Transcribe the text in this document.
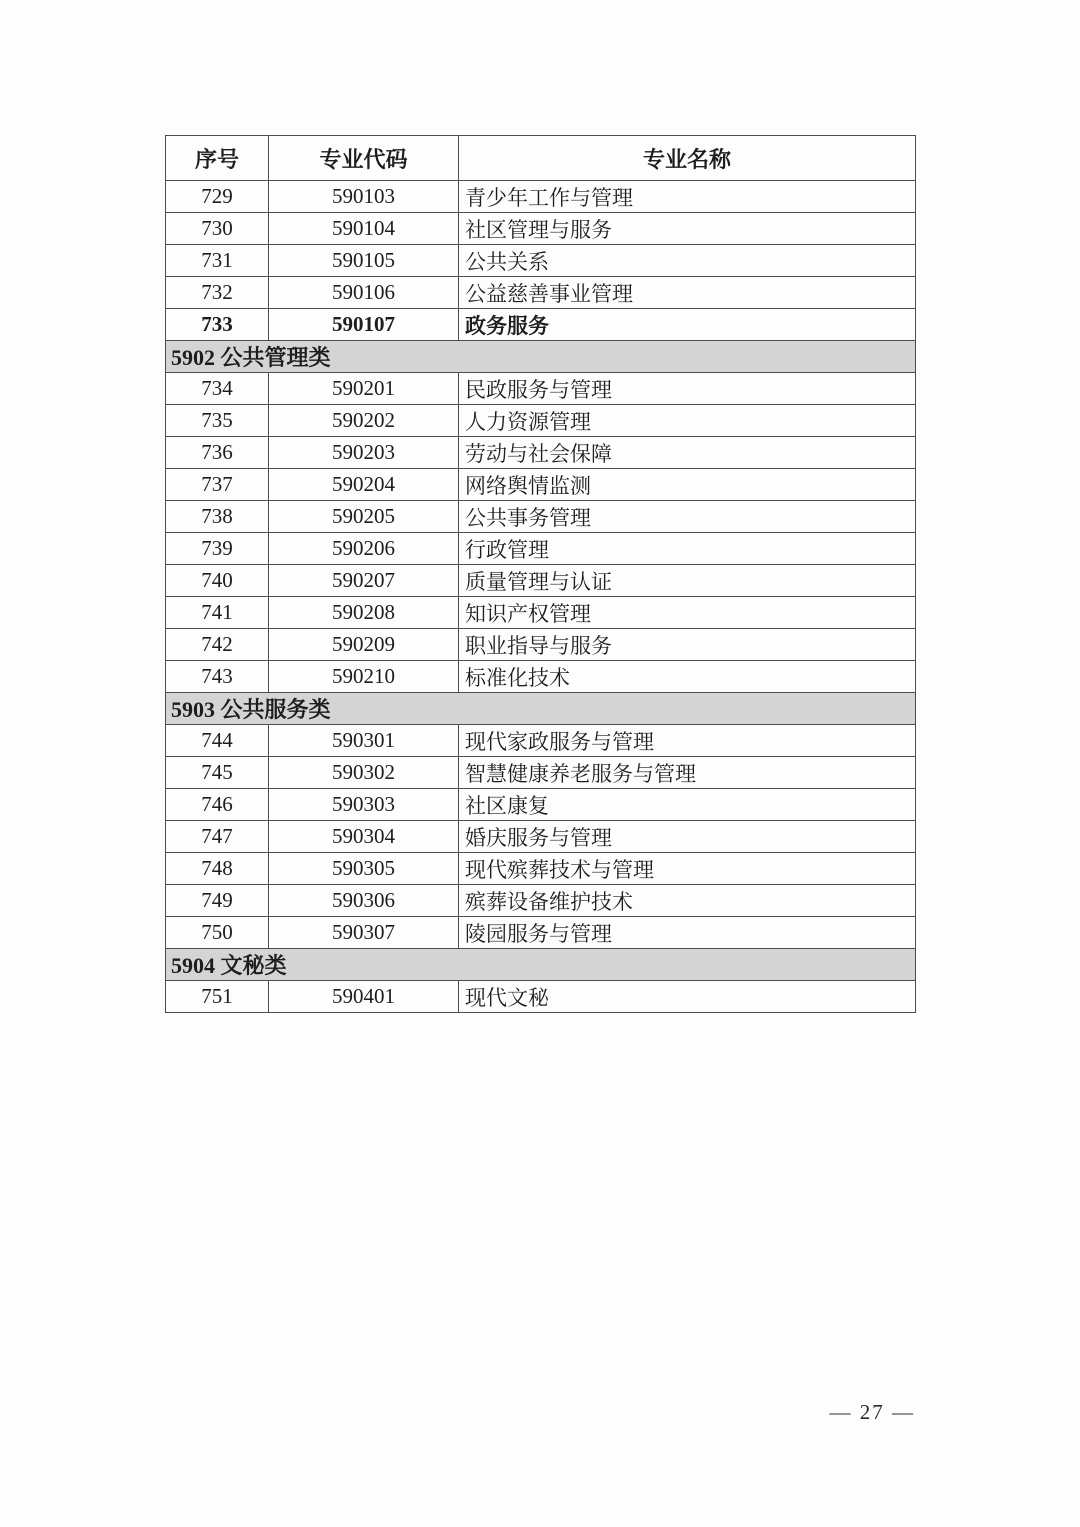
序号	专业代码	专业名称
729	590103	青少年工作与管理
730	590104	社区管理与服务
731	590105	公共关系
732	590106	公益慈善事业管理
733	590107	政务服务
5902 公共管理类		
734	590201	民政服务与管理
735	590202	人力资源管理
736	590203	劳动与社会保障
737	590204	网络舆情监测
738	590205	公共事务管理
739	590206	行政管理
740	590207	质量管理与认证
741	590208	知识产权管理
742	590209	职业指导与服务
743	590210	标准化技术
5903 公共服务类		
744	590301	现代家政服务与管理
745	590302	智慧健康养老服务与管理
746	590303	社区康复
747	590304	婚庆服务与管理
748	590305	现代殡葬技术与管理
749	590306	殡葬设备维护技术
750	590307	陵园服务与管理
5904 文秘类		
751	590401	现代文秘
— 27 —
